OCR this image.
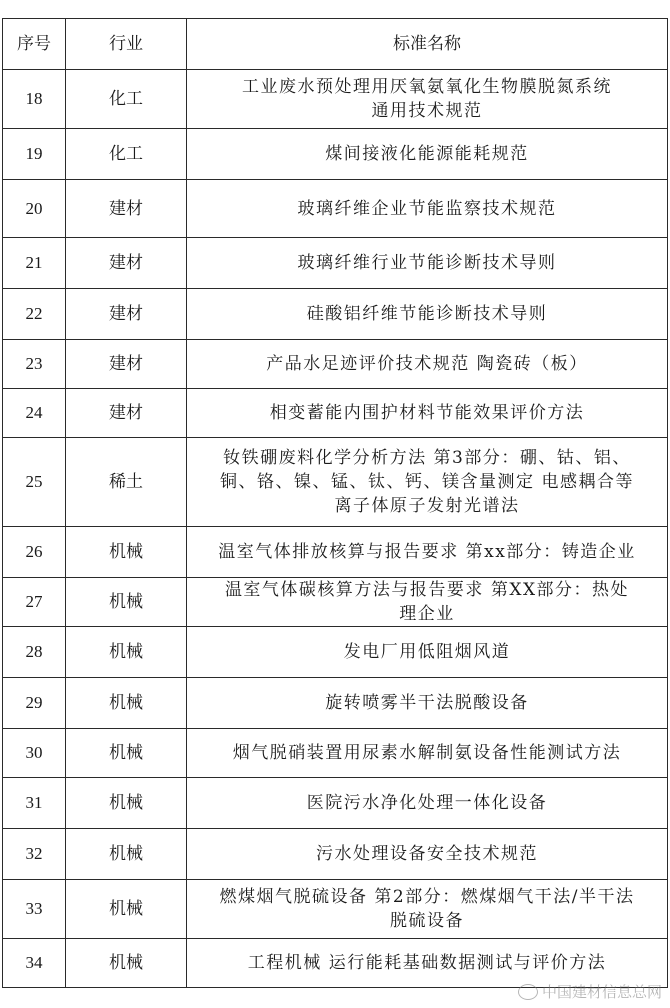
序号	行业	标准名称
18	化工	工业废水预处理用厌氧氨氧化生物膜脱氮系统
通用技术规范

19	化工	煤间接液化能源能耗规范

20	建材	玻璃纤维企业节能监察技术规范

21	建材	玻璃纤维行业节能诊断技术导则

22	建材	硅酸铝纤维节能诊断技术导则

23	建材	产品水足迹评价技术规范 陶瓷砖（板）

24	建材	相变蓄能内围护材料节能效果评价方法

25	稀土	钕铁硼废料化学分析方法 第3部分：硼、钴、铝、
铜、铬、镍、锰、钛、钙、镁含量测定 电感耦合等
离子体原子发射光谱法

26	机械	温室气体排放核算与报告要求 第xx部分：铸造企业

27	机械	温室气体碳核算方法与报告要求 第XX部分：热处
理企业

28	机械	发电厂用低阻烟风道

29	机械	旋转喷雾半干法脱酸设备

30	机械	烟气脱硝装置用尿素水解制氨设备性能测试方法

31	机械	医院污水净化处理一体化设备

32	机械	污水处理设备安全技术规范

33	机械	燃煤烟气脱硫设备 第2部分：燃煤烟气干法/半干法
脱硫设备

34	机械	工程机械 运行能耗基础数据测试与评价方法
中国建材信息总网
